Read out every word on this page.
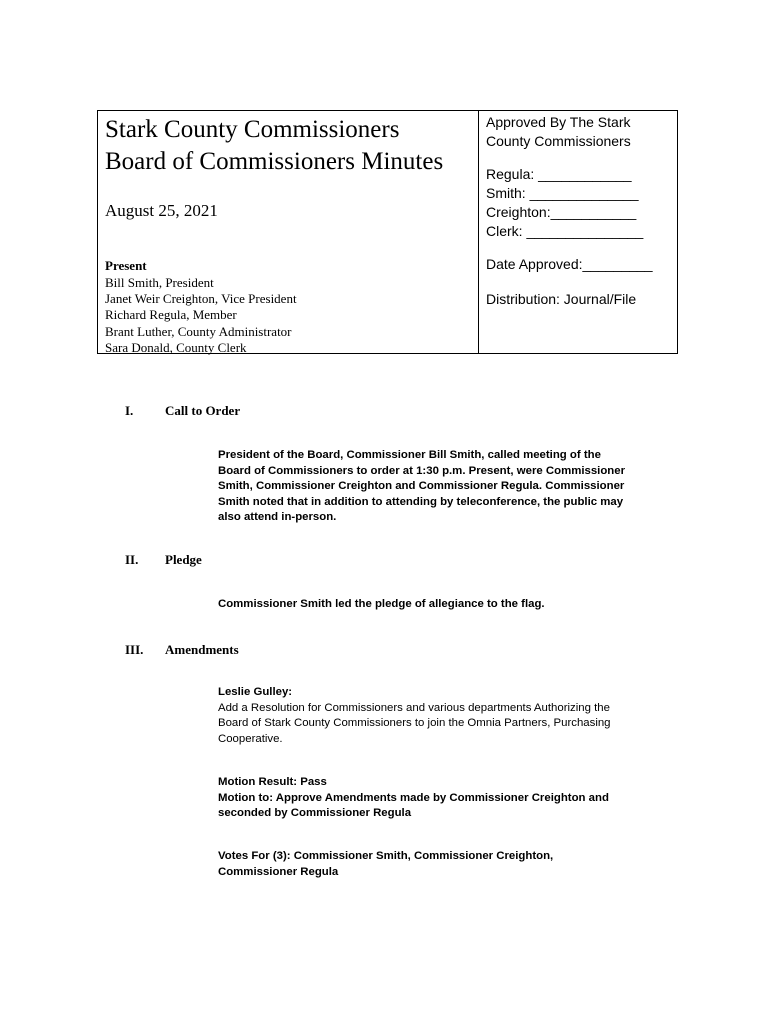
Stark County Commissioners
Board of Commissioners Minutes
August 25, 2021
Present
Bill Smith, President
Janet Weir Creighton, Vice President
Richard Regula, Member
Brant Luther, County Administrator
Sara Donald, County Clerk
Approved By The Stark County Commissioners
Regula: ____________
Smith: ______________
Creighton:___________
Clerk: _______________
Date Approved:_________
Distribution: Journal/File
I. Call to Order
President of the Board, Commissioner Bill Smith, called meeting of the
Board of Commissioners to order at 1:30 p.m. Present, were Commissioner
Smith, Commissioner Creighton and Commissioner Regula. Commissioner
Smith noted that in addition to attending by teleconference, the public may
also attend in-person.
II. Pledge
Commissioner Smith led the pledge of allegiance to the flag.
III. Amendments
Leslie Gulley:
Add a Resolution for Commissioners and various departments Authorizing the
Board of Stark County Commissioners to join the Omnia Partners, Purchasing
Cooperative.
Motion Result: Pass
Motion to: Approve Amendments made by Commissioner Creighton and
seconded by Commissioner Regula
Votes For (3): Commissioner Smith, Commissioner Creighton,
Commissioner Regula
